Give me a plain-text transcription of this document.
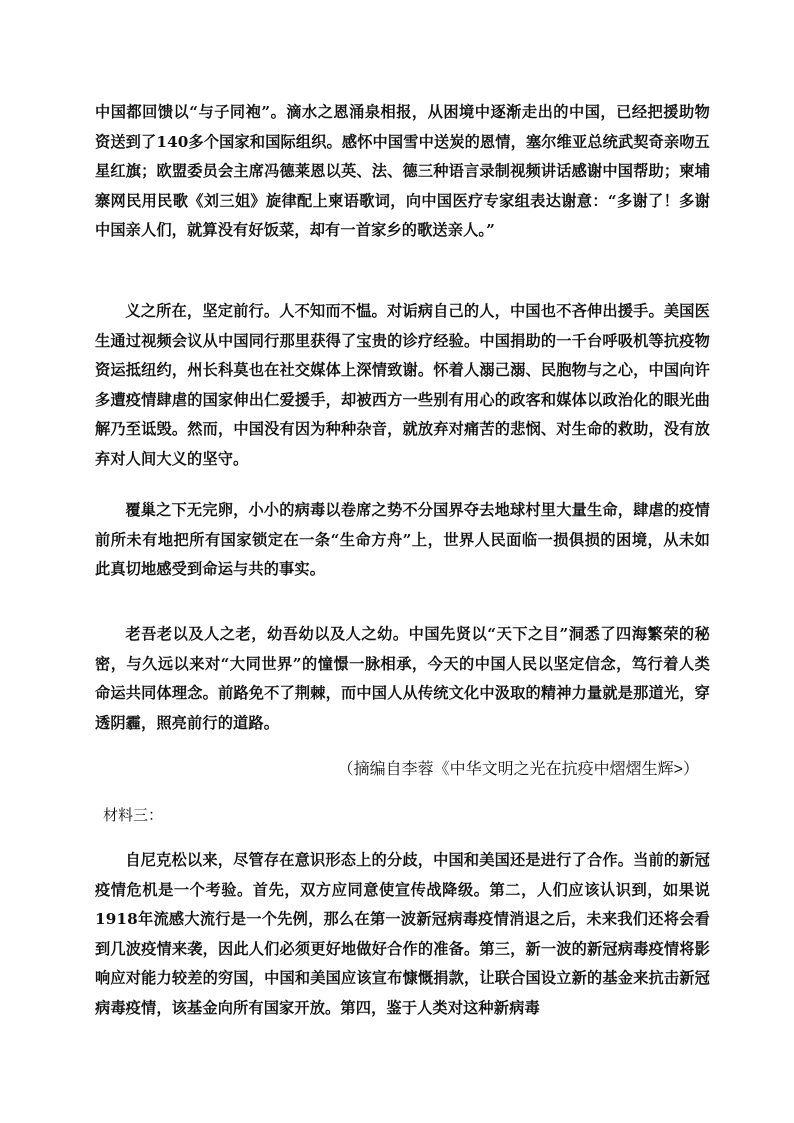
中国都回馈以“与子同袍”。滴水之恩涌泉相报，从困境中逐渐走出的中国，已经把援助物资送到了140多个国家和国际组织。感怀中国雪中送炭的恩情，塞尔维亚总统武契奇亲吻五星红旗；欧盟委员会主席冯德莱恩以英、法、德三种语言录制视频讲话感谢中国帮助；柬埔寨网民用民歌《刘三姐》旋律配上柬语歌词，向中国医疗专家组表达谢意：“多谢了！多谢中国亲人们，就算没有好饭菜，却有一首家乡的歌送亲人。”

义之所在，坚定前行。人不知而不愠。对诟病自己的人，中国也不吝伸出援手。美国医生通过视频会议从中国同行那里获得了宝贵的诊疗经验。中国捐助的一千台呼吸机等抗疫物资运抵纽约，州长科莫也在社交媒体上深情致谢。怀着人溺己溺、民胞物与之心，中国向许多遭疫情肆虐的国家伸出仁爱援手，却被西方一些别有用心的政客和媒体以政治化的眼光曲解乃至诋毁。然而，中国没有因为种种杂音，就放弃对痛苦的悲悯、对生命的救助，没有放弃对人间大义的坚守。

覆巢之下无完卵，小小的病毒以卷席之势不分国界夺去地球村里大量生命，肆虐的疫情前所未有地把所有国家锁定在一条“生命方舟”上，世界人民面临一损俱损的困境，从未如此真切地感受到命运与共的事实。

老吾老以及人之老，幼吾幼以及人之幼。中国先贤以“天下之目”洞悉了四海繁荣的秘密，与久远以来对“大同世界”的憧憬一脉相承，今天的中国人民以坚定信念，笃行着人类命运共同体理念。前路免不了荆棘，而中国人从传统文化中汲取的精神力量就是那道光，穿透阴霾，照亮前行的道路。

（摘编自李蓉《中华文明之光在抗疫中熠熠生辉>）

材料三：

自尼克松以来，尽管存在意识形态上的分歧，中国和美国还是进行了合作。当前的新冠疫情危机是一个考验。首先，双方应同意使宣传战降级。第二，人们应该认识到，如果说1918年流感大流行是一个先例，那么在第一波新冠病毒疫情消退之后，未来我们还将会看到几波疫情来袭，因此人们必须更好地做好合作的准备。第三，新一波的新冠病毒疫情将影响应对能力较差的穷国，中国和美国应该宣布慷慨捐款，让联合国设立新的基金来抗击新冠病毒疫情，该基金向所有国家开放。第四，鉴于人类对这种新病毒
